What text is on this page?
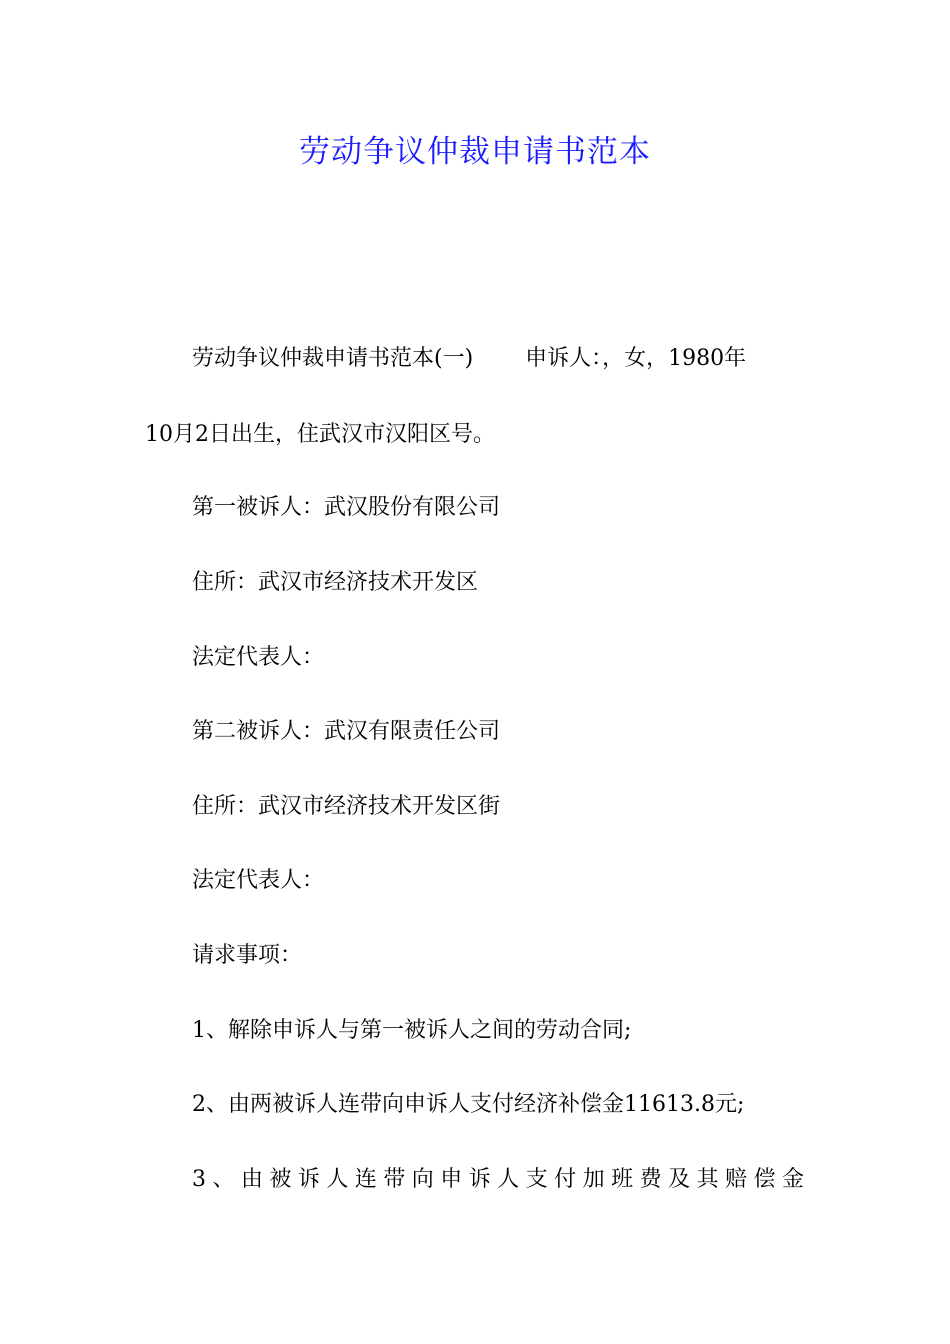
劳动争议仲裁申请书范本
劳动争议仲裁申请书范本(一) 申诉人：，女，1980年
10月2日出生，住武汉市汉阳区号。
第一被诉人：武汉股份有限公司
住所：武汉市经济技术开发区
法定代表人：
第二被诉人：武汉有限责任公司
住所：武汉市经济技术开发区街
法定代表人：
请求事项：
1、解除申诉人与第一被诉人之间的劳动合同;
2、由两被诉人连带向申诉人支付经济补偿金11613.8元;
3、由被诉人连带向申诉人支付加班费及其赔偿金
